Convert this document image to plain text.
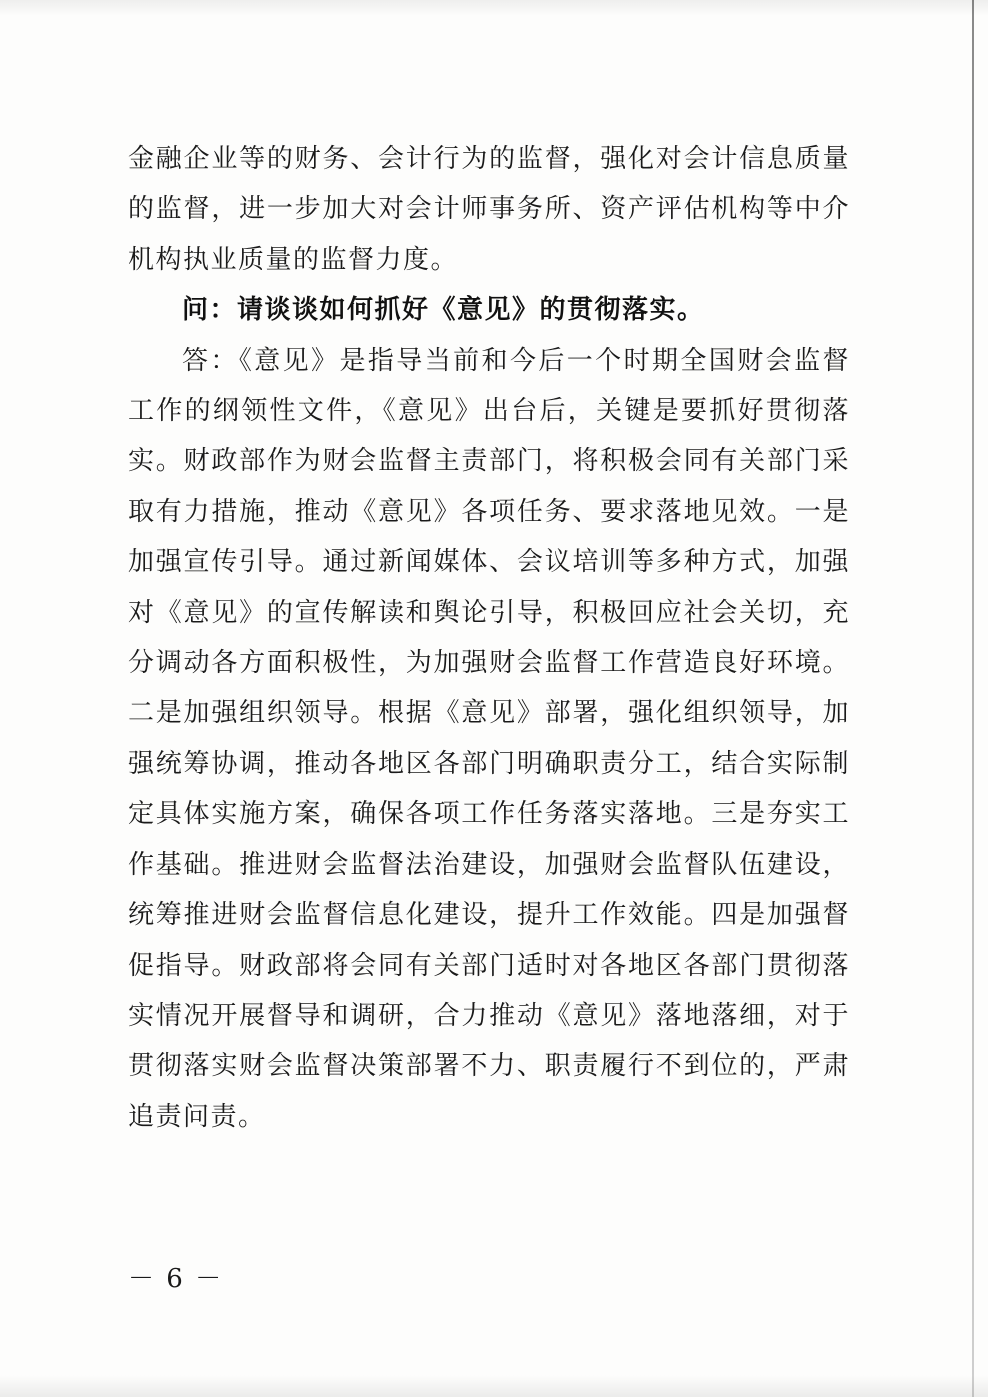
金融企业等的财务、会计行为的监督，强化对会计信息质量的监督，进一步加大对会计师事务所、资产评估机构等中介机构执业质量的监督力度。

问：请谈谈如何抓好《意见》的贯彻落实。

答：《意见》是指导当前和今后一个时期全国财会监督工作的纲领性文件，《意见》出台后，关键是要抓好贯彻落实。财政部作为财会监督主责部门，将积极会同有关部门采取有力措施，推动《意见》各项任务、要求落地见效。一是加强宣传引导。通过新闻媒体、会议培训等多种方式，加强对《意见》的宣传解读和舆论引导，积极回应社会关切，充分调动各方面积极性，为加强财会监督工作营造良好环境。二是加强组织领导。根据《意见》部署，强化组织领导，加强统筹协调，推动各地区各部门明确职责分工，结合实际制定具体实施方案，确保各项工作任务落实落地。三是夯实工作基础。推进财会监督法治建设，加强财会监督队伍建设，统筹推进财会监督信息化建设，提升工作效能。四是加强督促指导。财政部将会同有关部门适时对各地区各部门贯彻落实情况开展督导和调研，合力推动《意见》落地落细，对于贯彻落实财会监督决策部署不力、职责履行不到位的，严肃追责问责。

－ 6 －
